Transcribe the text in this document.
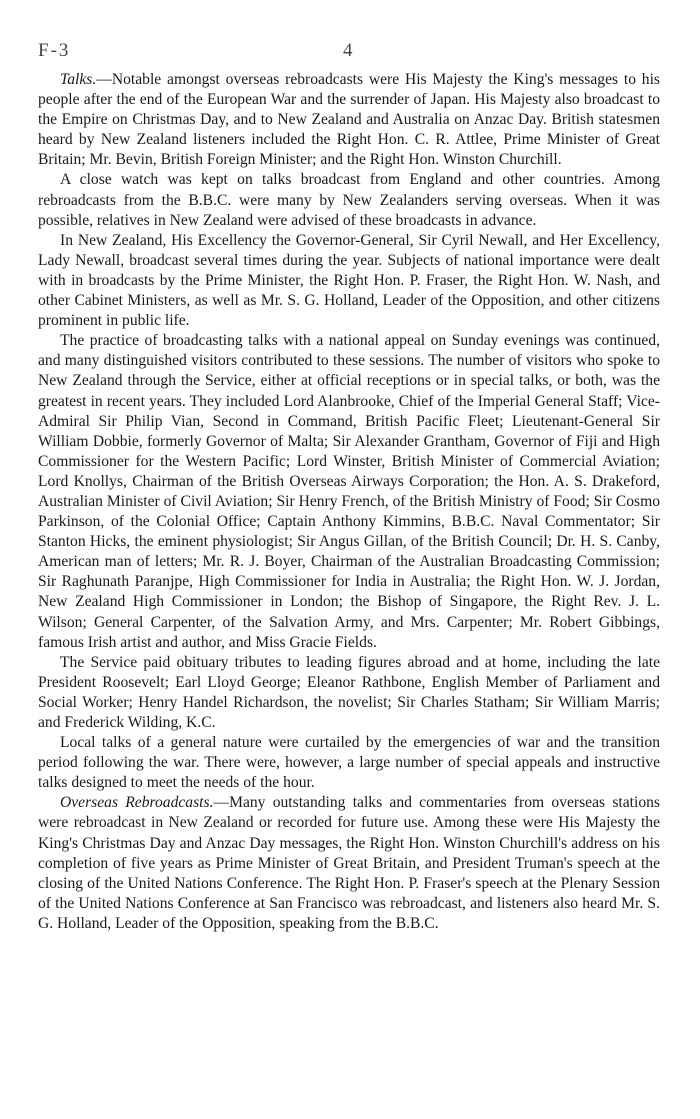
F-3	4

Talks.—Notable amongst overseas rebroadcasts were His Majesty the King's messages to his people after the end of the European War and the surrender of Japan. His Majesty also broadcast to the Empire on Christmas Day, and to New Zealand and Australia on Anzac Day. British statesmen heard by New Zealand listeners included the Right Hon. C. R. Attlee, Prime Minister of Great Britain; Mr. Bevin, British Foreign Minister; and the Right Hon. Winston Churchill.

A close watch was kept on talks broadcast from England and other countries. Among rebroadcasts from the B.B.C. were many by New Zealanders serving overseas. When it was possible, relatives in New Zealand were advised of these broadcasts in advance.

In New Zealand, His Excellency the Governor-General, Sir Cyril Newall, and Her Excellency, Lady Newall, broadcast several times during the year. Subjects of national importance were dealt with in broadcasts by the Prime Minister, the Right Hon. P. Fraser, the Right Hon. W. Nash, and other Cabinet Ministers, as well as Mr. S. G. Holland, Leader of the Opposition, and other citizens prominent in public life.

The practice of broadcasting talks with a national appeal on Sunday evenings was continued, and many distinguished visitors contributed to these sessions. The number of visitors who spoke to New Zealand through the Service, either at official receptions or in special talks, or both, was the greatest in recent years. They included Lord Alanbrooke, Chief of the Imperial General Staff; Vice-Admiral Sir Philip Vian, Second in Command, British Pacific Fleet; Lieutenant-General Sir William Dobbie, formerly Governor of Malta; Sir Alexander Grantham, Governor of Fiji and High Commissioner for the Western Pacific; Lord Winster, British Minister of Commercial Aviation; Lord Knollys, Chairman of the British Overseas Airways Corporation; the Hon. A. S. Drakeford, Australian Minister of Civil Aviation; Sir Henry French, of the British Ministry of Food; Sir Cosmo Parkinson, of the Colonial Office; Captain Anthony Kimmins, B.B.C. Naval Commentator; Sir Stanton Hicks, the eminent physiologist; Sir Angus Gillan, of the British Council; Dr. H. S. Canby, American man of letters; Mr. R. J. Boyer, Chairman of the Australian Broadcasting Commission; Sir Raghunath Paranjpe, High Commissioner for India in Australia; the Right Hon. W. J. Jordan, New Zealand High Commissioner in London; the Bishop of Singapore, the Right Rev. J. L. Wilson; General Carpenter, of the Salvation Army, and Mrs. Carpenter; Mr. Robert Gibbings, famous Irish artist and author, and Miss Gracie Fields.

The Service paid obituary tributes to leading figures abroad and at home, including the late President Roosevelt; Earl Lloyd George; Eleanor Rathbone, English Member of Parliament and Social Worker; Henry Handel Richardson, the novelist; Sir Charles Statham; Sir William Marris; and Frederick Wilding, K.C.

Local talks of a general nature were curtailed by the emergencies of war and the transition period following the war. There were, however, a large number of special appeals and instructive talks designed to meet the needs of the hour.

Overseas Rebroadcasts.—Many outstanding talks and commentaries from overseas stations were rebroadcast in New Zealand or recorded for future use. Among these were His Majesty the King's Christmas Day and Anzac Day messages, the Right Hon. Winston Churchill's address on his completion of five years as Prime Minister of Great Britain, and President Truman's speech at the closing of the United Nations Conference. The Right Hon. P. Fraser's speech at the Plenary Session of the United Nations Conference at San Francisco was rebroadcast, and listeners also heard Mr. S. G. Holland, Leader of the Opposition, speaking from the B.B.C.
